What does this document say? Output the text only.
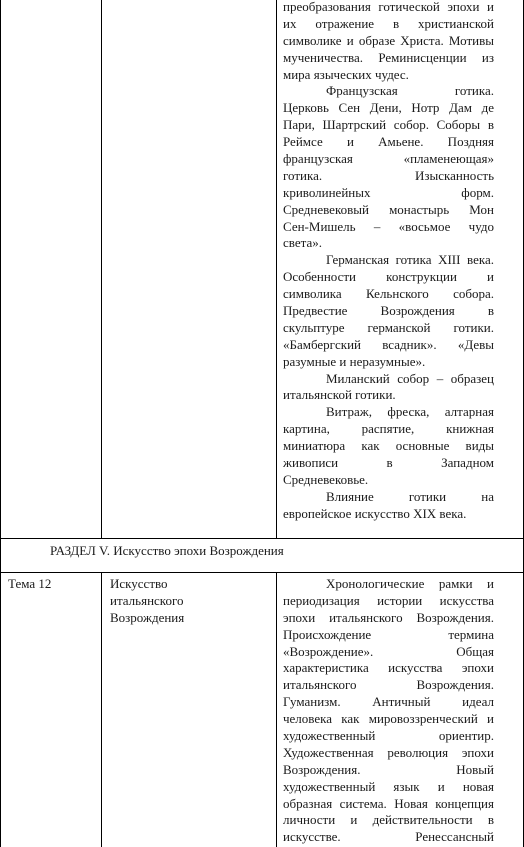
преобразования готической эпохи и
их отражение в христианской
символике и образе Христа. Мотивы
мученичества. Реминисценции из
мира языческих чудес.
Французская готика.
Церковь Сен Дени, Нотр Дам де
Пари, Шартрский собор. Соборы в
Реймсе и Амьене. Поздняя
французская «пламенеющая»
готика. Изысканность
криволинейных форм.
Средневековый монастырь Мон
Сен-Мишель – «восьмое чудо
света».
Германская готика XIII века.
Особенности конструкции и
символика Кельнского собора.
Предвестие Возрождения в
скульптуре германской готики.
«Бамбергский всадник». «Девы
разумные и неразумные».
Миланский собор – образец
итальянской готики.
Витраж, фреска, алтарная
картина, распятие, книжная
миниатюра как основные виды
живописи в Западном
Средневековье.
Влияние готики на
европейское искусство XIX века.
РАЗДЕЛ V. Искусство эпохи Возрождения
Тема 12	Искусство
итальянского
Возрождения
Хронологические рамки и
периодизация истории искусства
эпохи итальянского Возрождения.
Происхождение термина
«Возрождение». Общая
характеристика искусства эпохи
итальянского Возрождения.
Гуманизм. Античный идеал
человека как мировоззренческий и
художественный ориентир.
Художественная революция эпохи
Возрождения. Новый
художественный язык и новая
образная система. Новая концепция
личности и действительности в
искусстве. Ренессансный
